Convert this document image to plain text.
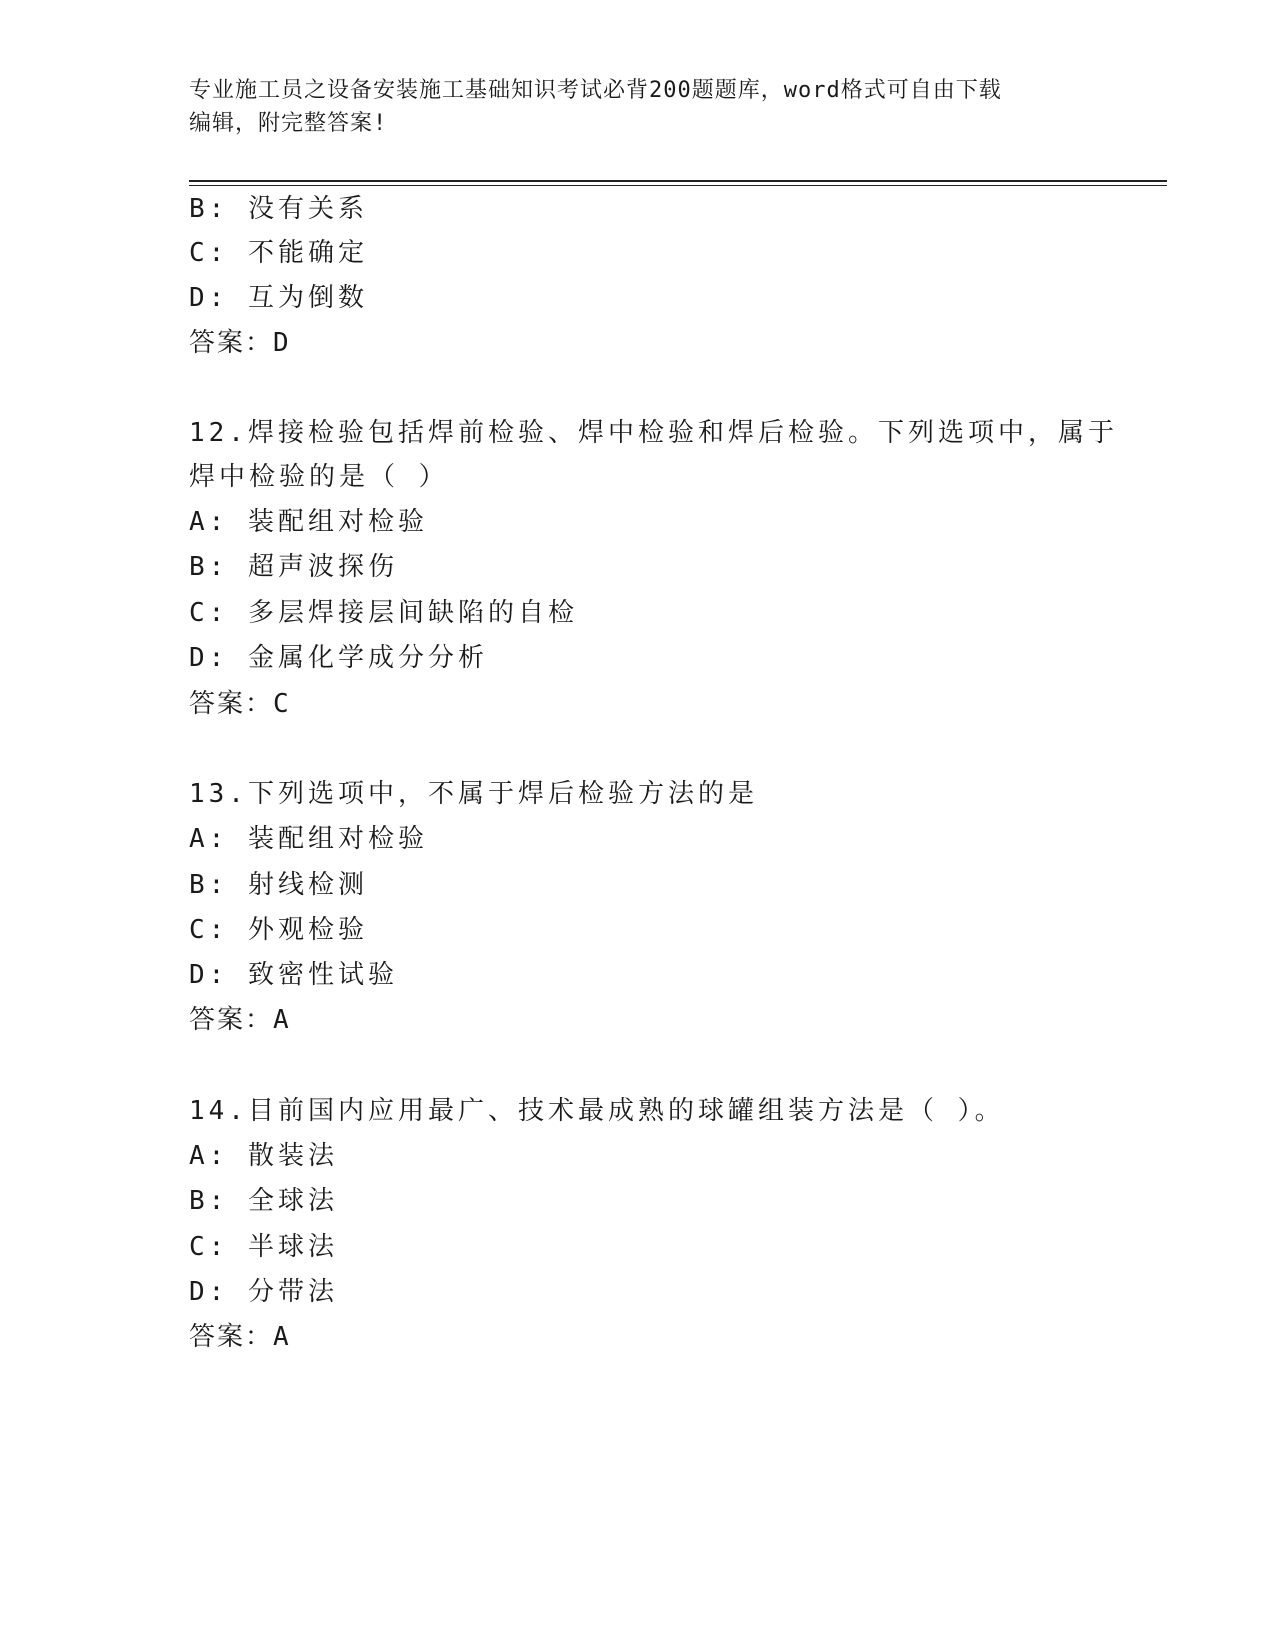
专业施工员之设备安装施工基础知识考试必背200题题库，word格式可自由下载
编辑，附完整答案!
B: 没有关系
C: 不能确定
D: 互为倒数
答案：D
12.焊接检验包括焊前检验、焊中检验和焊后检验。下列选项中，属于
焊中检验的是（ ）
A: 装配组对检验
B: 超声波探伤
C: 多层焊接层间缺陷的自检
D: 金属化学成分分析
答案：C
13.下列选项中，不属于焊后检验方法的是
A: 装配组对检验
B: 射线检测
C: 外观检验
D: 致密性试验
答案：A
14.目前国内应用最广、技术最成熟的球罐组装方法是（ ）。
A: 散装法
B: 全球法
C: 半球法
D: 分带法
答案：A
